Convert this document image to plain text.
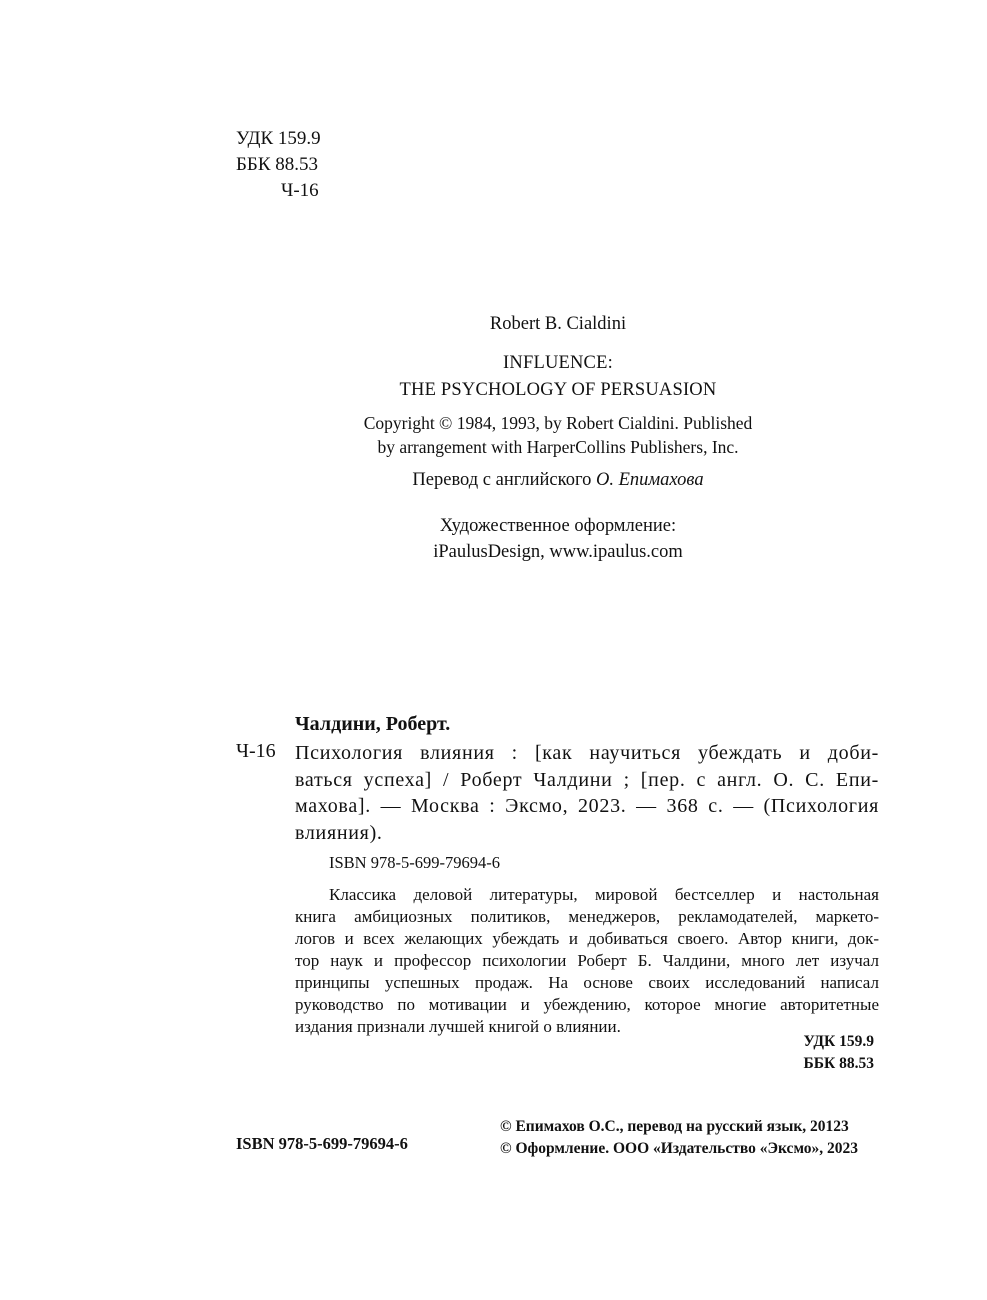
УДК 159.9
ББК 88.53
Ч-16
Robert B. Cialdini
INFLUENCE:
THE PSYCHOLOGY OF PERSUASION
Copyright © 1984, 1993, by Robert Cialdini. Published
by arrangement with HarperCollins Publishers, Inc.
Перевод с английского О. Епимахова
Художественное оформление:
iPaulusDesign, www.ipaulus.com
Чалдини, Роберт.
Ч-16 Психология влияния : [как научиться убеждать и доби-
ваться успеха] / Роберт Чалдини ; [пер. с англ. О. С. Епи-
махова]. — Москва : Эксмо, 2023. — 368 с. — (Психология
влияния).
ISBN 978-5-699-79694-6
Классика деловой литературы, мировой бестселлер и настольная
книга амбициозных политиков, менеджеров, рекламодателей, маркето-
логов и всех желающих убеждать и добиваться своего. Автор книги, док-
тор наук и профессор психологии Роберт Б. Чалдини, много лет изучал
принципы успешных продаж. На основе своих исследований написал
руководство по мотивации и убеждению, которое многие авторитетные
издания признали лучшей книгой о влиянии.
УДК 159.9
ББК 88.53
ISBN 978-5-699-79694-6
© Епимахов О.С., перевод на русский язык, 20123
© Оформление. ООО «Издательство «Эксмо», 2023
